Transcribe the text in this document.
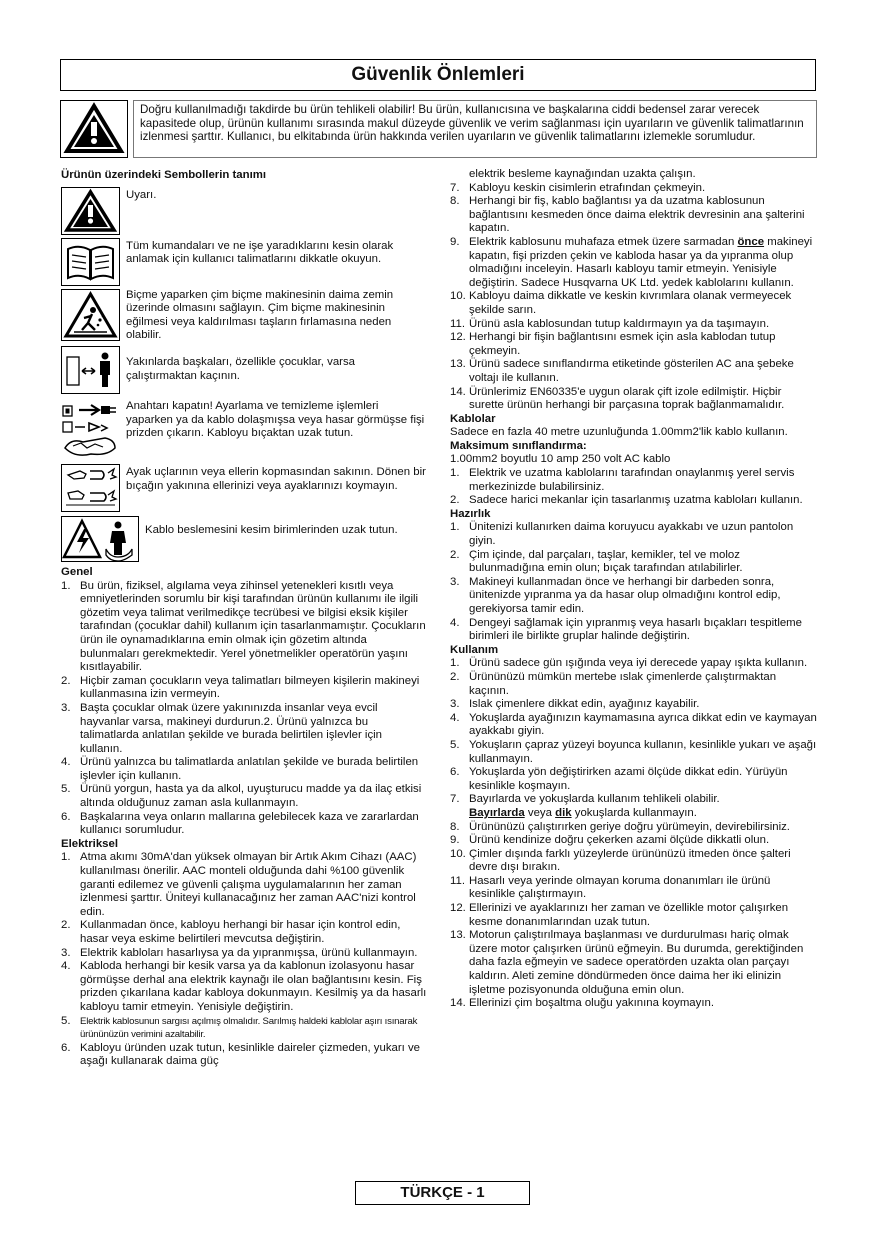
Güvenlik Önlemleri
Doğru kullanılmadığı takdirde bu ürün tehlikeli olabilir! Bu ürün, kullanıcısına ve başkalarına ciddi bedensel zarar verecek kapasitede olup, ürünün kullanımı sırasında makul düzeyde güvenlik ve verim sağlanması için uyarıların ve güvenlik talimatlarının izlenmesi şarttır. Kullanıcı, bu elkitabında ürün hakkında verilen uyarıların ve güvenlik talimatlarını izlemekle sorumludur.
Ürünün üzerindeki Sembollerin tanımı
Uyarı.
Tüm kumandaları ve ne işe yaradıklarını kesin olarak anlamak için kullanıcı talimatlarını dikkatle okuyun.
Biçme yaparken çim biçme makinesinin daima zemin üzerinde olmasını sağlayın. Çim biçme makinesinin eğilmesi veya kaldırılması taşların fırlamasına neden olabilir.
Yakınlarda başkaları, özellikle çocuklar, varsa çalıştırmaktan kaçının.
Anahtarı kapatın! Ayarlama ve temizleme işlemleri yaparken ya da kablo dolaşmışsa veya hasar görmüşse fişi prizden çıkarın. Kabloyu bıçaktan uzak tutun.
Ayak uçlarının veya ellerin kopmasından sakının. Dönen bir bıçağın yakınına ellerinizi veya ayaklarınızı koymayın.
Kablo beslemesini kesim birimlerinden uzak tutun.
Genel
1. Bu ürün, fiziksel, algılama veya zihinsel yetenekleri kısıtlı veya emniyetlerinden sorumlu bir kişi tarafından ürünün kullanımı ile ilgili gözetim veya talimat verilmedikçe tecrübesi ve bilgisi eksik kişiler tarafından (çocuklar dahil) kullanım için tasarlanmamıştır. Çocukların ürün ile oynamadıklarına emin olmak için gözetim altında bulunmaları gerekmektedir. Yerel yönetmelikler operatörün yaşını kısıtlayabilir.
2. Hiçbir zaman çocukların veya talimatları bilmeyen kişilerin makineyi kullanmasına izin vermeyin.
3. Başta çocuklar olmak üzere yakınınızda insanlar veya evcil hayvanlar varsa, makineyi durdurun.2. Ürünü yalnızca bu talimatlarda anlatılan şekilde ve burada belirtilen işlevler için kullanın.
4. Ürünü yalnızca bu talimatlarda anlatılan şekilde ve burada belirtilen işlevler için kullanın.
5. Ürünü yorgun, hasta ya da alkol, uyuşturucu madde ya da ilaç etkisi altında olduğunuz zaman asla kullanmayın.
6. Başkalarına veya onların mallarına gelebilecek kaza ve zararlardan kullanıcı sorumludur.
Elektriksel
1. Atma akımı 30mA'dan yüksek olmayan bir Artık Akım Cihazı (AAC) kullanılması önerilir. AAC monteli olduğunda dahi %100 güvenlik garanti edilemez ve güvenli çalışma uygulamalarının her zaman izlenmesi şarttır. Üniteyi kullanacağınız her zaman AAC'nizi kontrol edin.
2. Kullanmadan önce, kabloyu herhangi bir hasar için kontrol edin, hasar veya eskime belirtileri mevcutsa değiştirin.
3. Elektrik kabloları hasarlıysa ya da yıpranmışsa, ürünü kullanmayın.
4. Kabloda herhangi bir kesik varsa ya da kablonun izolasyonu hasar görmüşse derhal ana elektrik kaynağı ile olan bağlantısını kesin. Fiş prizden çıkarılana kadar kabloya dokunmayın. Kesilmiş ya da hasarlı kabloyu tamir etmeyin. Yenisiyle değiştirin.
5. Elektrik kablosunun sargısı açılmış olmalıdır. Sarılmış haldeki kablolar aşırı ısınarak ürününüzün verimini azaltabilir.
6. Kabloyu üründen uzak tutun, kesinlikle daireler çizmeden, yukarı ve aşağı kullanarak daima güç
elektrik besleme kaynağından uzakta çalışın.
7. Kabloyu keskin cisimlerin etrafından çekmeyin.
8. Herhangi bir fiş, kablo bağlantısı ya da uzatma kablosunun bağlantısını kesmeden önce daima elektrik devresinin ana şalterini kapatın.
9. Elektrik kablosunu muhafaza etmek üzere sarmadan önce makineyi kapatın, fişi prizden çekin ve kabloda hasar ya da yıpranma olup olmadığını inceleyin. Hasarlı kabloyu tamir etmeyin. Yenisiyle değiştirin. Sadece Husqvarna UK Ltd. yedek kablolarını kullanın.
10. Kabloyu daima dikkatle ve keskin kıvrımlara olanak vermeyecek şekilde sarın.
11. Ürünü asla kablosundan tutup kaldırmayın ya da taşımayın.
12. Herhangi bir fişin bağlantısını esmek için asla kablodan tutup çekmeyin.
13. Ürünü sadece sınıflandırma etiketinde gösterilen AC ana şebeke voltajı ile kullanın.
14. Ürünlerimiz EN60335'e uygun olarak çift izole edilmiştir. Hiçbir surette ürünün herhangi bir parçasına toprak bağlanmamalıdır.
Kablolar
Sadece en fazla 40 metre uzunluğunda 1.00mm2'lik kablo kullanın.
Maksimum sınıflandırma:
1.00mm2 boyutlu 10 amp 250 volt AC kablo
1. Elektrik ve uzatma kablolarını tarafından onaylanmış yerel servis merkezinizde bulabilirsiniz.
2. Sadece harici mekanlar için tasarlanmış uzatma kabloları kullanın.
Hazırlık
1. Ünitenizi kullanırken daima koruyucu ayakkabı ve uzun pantolon giyin.
2. Çim içinde, dal parçaları, taşlar, kemikler, tel ve moloz bulunmadığına emin olun; bıçak tarafından atılabilirler.
3. Makineyi kullanmadan önce ve herhangi bir darbeden sonra, ünitenizde yıpranma ya da hasar olup olmadığını kontrol edip, gerekiyorsa tamir edin.
4. Dengeyi sağlamak için yıpranmış veya hasarlı bıçakları tespitleme birimleri ile birlikte gruplar halinde değiştirin.
Kullanım
1. Ürünü sadece gün ışığında veya iyi derecede yapay ışıkta kullanın.
2. Ürününüzü mümkün mertebe ıslak çimenlerde çalıştırmaktan kaçının.
3. Islak çimenlere dikkat edin, ayağınız kayabilir.
4. Yokuşlarda ayağınızın kaymamasına ayrıca dikkat edin ve kaymayan ayakkabı giyin.
5. Yokuşların çapraz yüzeyi boyunca kullanın, kesinlikle yukarı ve aşağı kullanmayın.
6. Yokuşlarda yön değiştirirken azami ölçüde dikkat edin. Yürüyün kesinlikle koşmayın.
7. Bayırlarda ve yokuşlarda kullanım tehlikeli olabilir.
Bayırlarda veya dik yokuşlarda kullanmayın.
8. Ürününüzü çalıştırırken geriye doğru yürümeyin, devirebilirsiniz.
9. Ürünü kendinize doğru çekerken azami ölçüde dikkatli olun.
10. Çimler dışında farklı yüzeylerde ürününüzü itmeden önce şalteri devre dışı bırakın.
11. Hasarlı veya yerinde olmayan koruma donanımları ile ürünü kesinlikle çalıştırmayın.
12. Ellerinizi ve ayaklarınızı her zaman ve özellikle motor çalışırken kesme donanımlarından uzak tutun.
13. Motorun çalıştırılmaya başlanması ve durdurulması hariç olmak üzere motor çalışırken ürünü eğmeyin. Bu durumda, gerektiğinden daha fazla eğmeyin ve sadece operatörden uzakta olan parçayı kaldırın. Aleti zemine döndürmeden önce daima her iki elinizin işletme pozisyonunda olduğuna emin olun.
14. Ellerinizi çim boşaltma oluğu yakınına koymayın.
TÜRKÇE - 1
